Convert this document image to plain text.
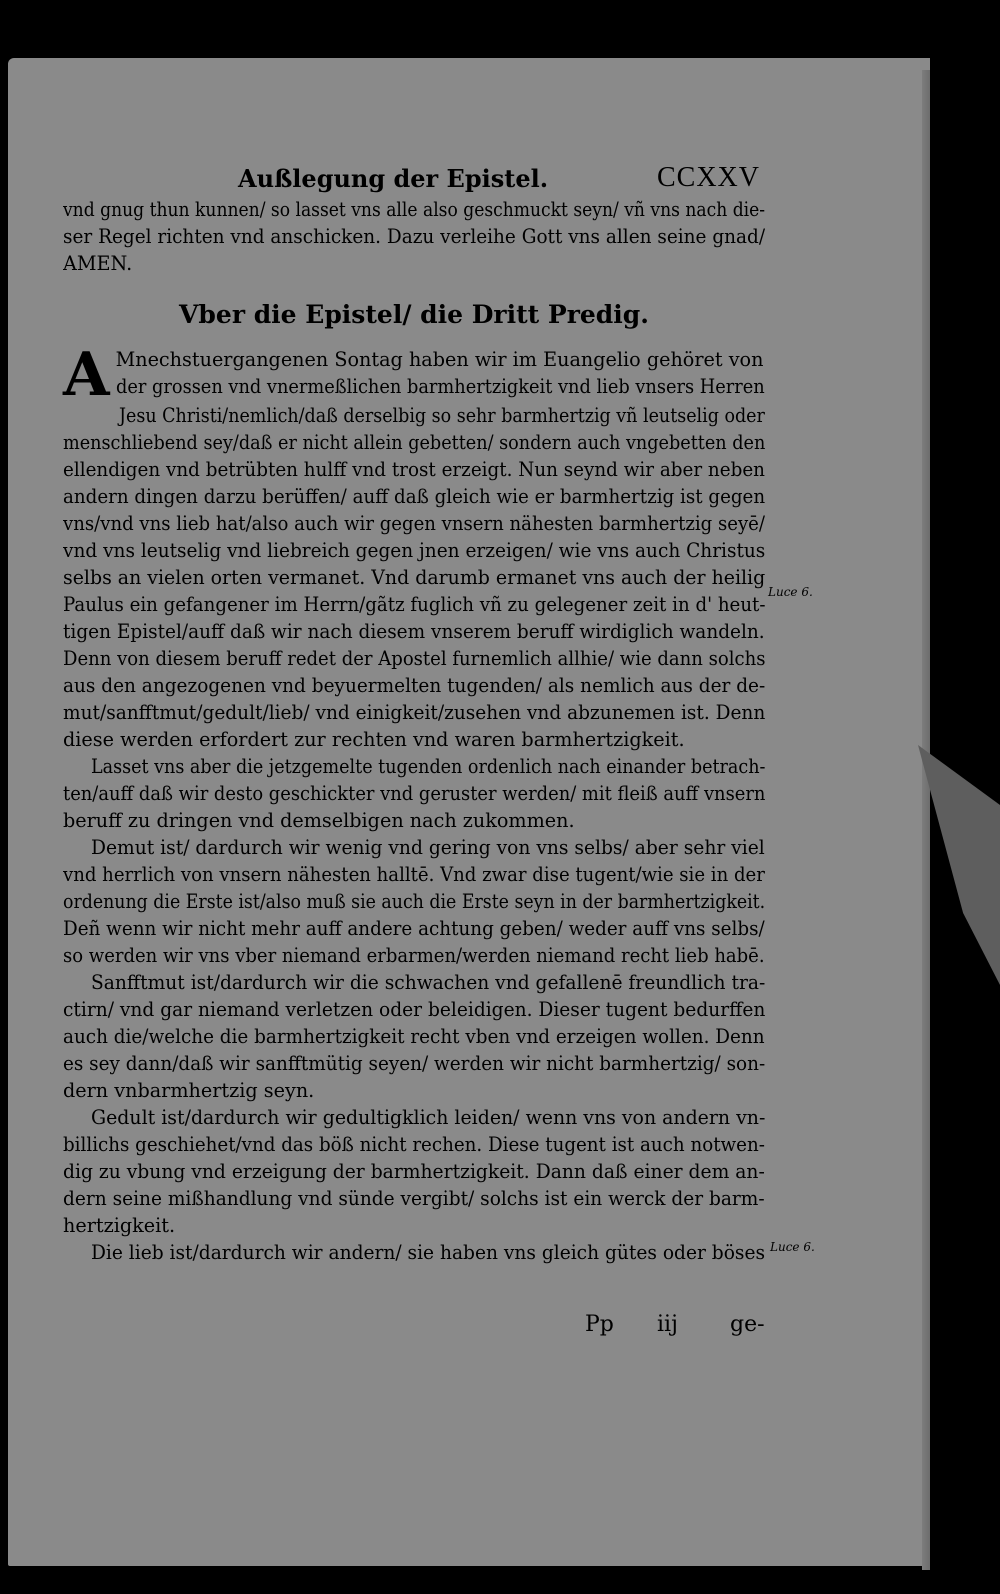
Außlegung der Epistel.	CCXXV
vnd gnug thun kunnen/ so lasset vns alle also geschmuckt seyn/ vñ vns nach die-
ser Regel richten vnd anschicken. Dazu verleihe Gott vns allen seine gnad/
AMEN.
Vber die Epistel/ die Dritt Predig.
A Mnechstuergangenen Sontag haben wir im Euangelio gehöret von
der grossen vnd vnermeßlichen barmhertzigkeit vnd lieb vnsers Herren
Jesu Christi/nemlich/daß derselbig so sehr barmhertzig vñ leutselig oder
menschliebend sey/daß er nicht allein gebetten/ sondern auch vngebetten den
ellendigen vnd betrübten hulff vnd trost erzeigt. Nun seynd wir aber neben
andern dingen darzu berüffen/ auff daß gleich wie er barmhertzig ist gegen
vns/vnd vns lieb hat/also auch wir gegen vnsern nähesten barmhertzig seyē/
vnd vns leutselig vnd liebreich gegen jnen erzeigen/ wie vns auch Christus
selbs an vielen orten vermanet. Vnd darumb ermanet vns auch der heilig
Paulus ein gefangener im Herrn/gãtz fuglich vñ zu gelegener zeit in d' heut-
tigen Epistel/auff daß wir nach diesem vnserem beruff wirdiglich wandeln.
Denn von diesem beruff redet der Apostel furnemlich allhie/ wie dann solchs
aus den angezogenen vnd beyuermelten tugenden/ als nemlich aus der de-
mut/sanfftmut/gedult/lieb/ vnd einigkeit/zusehen vnd abzunemen ist. Denn
diese werden erfordert zur rechten vnd waren barmhertzigkeit.
Lasset vns aber die jetzgemelte tugenden ordenlich nach einander betrach-
ten/auff daß wir desto geschickter vnd geruster werden/ mit fleiß auff vnsern
beruff zu dringen vnd demselbigen nach zukommen.
Demut ist/ dardurch wir wenig vnd gering von vns selbs/ aber sehr viel
vnd herrlich von vnsern nähesten halltē. Vnd zwar dise tugent/wie sie in der
ordenung die Erste ist/also muß sie auch die Erste seyn in der barmhertzigkeit.
Deñ wenn wir nicht mehr auff andere achtung geben/ weder auff vns selbs/
so werden wir vns vber niemand erbarmen/werden niemand recht lieb habē.
Sanfftmut ist/dardurch wir die schwachen vnd gefallenē freundlich tra-
ctirn/ vnd gar niemand verletzen oder beleidigen. Dieser tugent bedurffen
auch die/welche die barmhertzigkeit recht vben vnd erzeigen wollen. Denn
es sey dann/daß wir sanfftmütig seyen/ werden wir nicht barmhertzig/ son-
dern vnbarmhertzig seyn.
Gedult ist/dardurch wir gedultigklich leiden/ wenn vns von andern vn-
billichs geschiehet/vnd das böß nicht rechen. Diese tugent ist auch notwen-
dig zu vbung vnd erzeigung der barmhertzigkeit. Dann daß einer dem an-
dern seine mißhandlung vnd sünde vergibt/ solchs ist ein werck der barm-
hertzigkeit.
Die lieb ist/dardurch wir andern/ sie haben vns gleich gütes oder böses
Luce 6.
Luce 6.
Pp iij ge-
